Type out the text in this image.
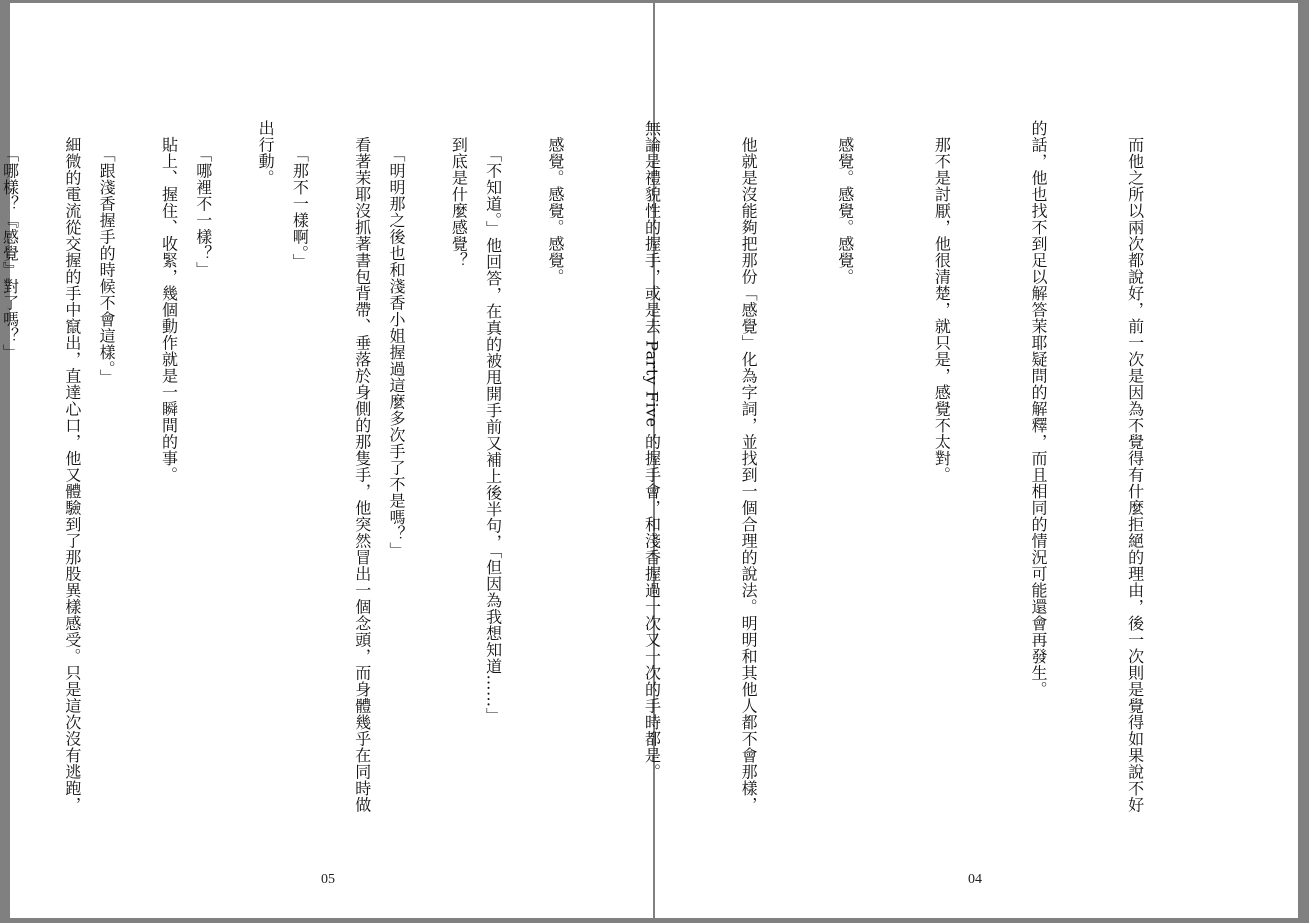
「不知道。」他回答，在真的被甩開手前又補上後半句，「但因為我想知道……」

「明明那之後也和淺香小姐握過這麼多次手了不是嗎？」

「那不一樣啊。」

「哪裡不一樣？」

「跟淺香握手的時候不會這樣。」

「哪樣？『感覺』對了嗎？」

05

　而他之所以兩次都說好，前一次是因為不覺得有什麼拒絕的理由，後一次則是覺得如果說不好

的話，他也找不到足以解答茉耶疑問的解釋，而且相同的情況可能還會再發生。

　那不是討厭，他很清楚，就只是，感覺不太對。

　感覺。感覺。感覺。

　他就是沒能夠把那份「感覺」化為字詞，並找到一個合理的說法。明明和其他人都不會那樣，

無論是禮貌性的握手，或是去 Party Five 的握手會，和淺香握過一次又一次的手時都是。

　感覺。感覺。感覺。

　到底是什麼感覺？

　看著茉耶沒抓著書包背帶、垂落於身側的那隻手，他突然冒出一個念頭，而身體幾乎在同時做

出行動。

　貼上、握住、收緊，幾個動作就是一瞬間的事。

　細微的電流從交握的手中竄出，直達心口，他又體驗到了那股異樣感受。只是這次沒有逃跑，

04
